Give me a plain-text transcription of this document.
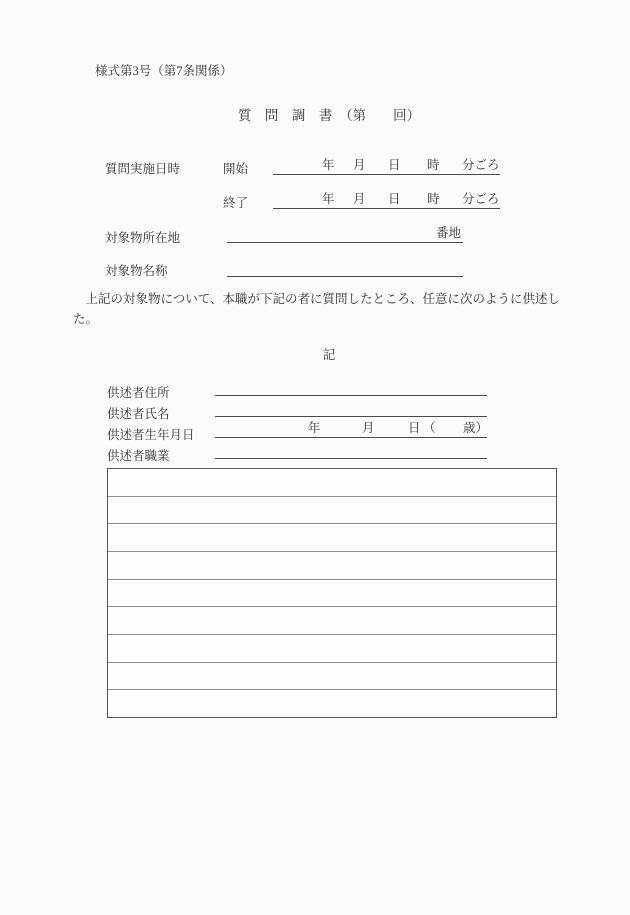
様式第3号（第7条関係）
質　問　調　書　（第　　回）
質問実施日時	開始	年 月 日 時 分ごろ
終了	年 月 日 時 分ごろ
対象物所在地	番地
対象物名称
　上記の対象物について、本職が下記の者に質問したところ、任意に次のように供述し
た。
記
供述者住所
供述者氏名
供述者生年月日	年	月	日 （ 歳）
供述者職業
